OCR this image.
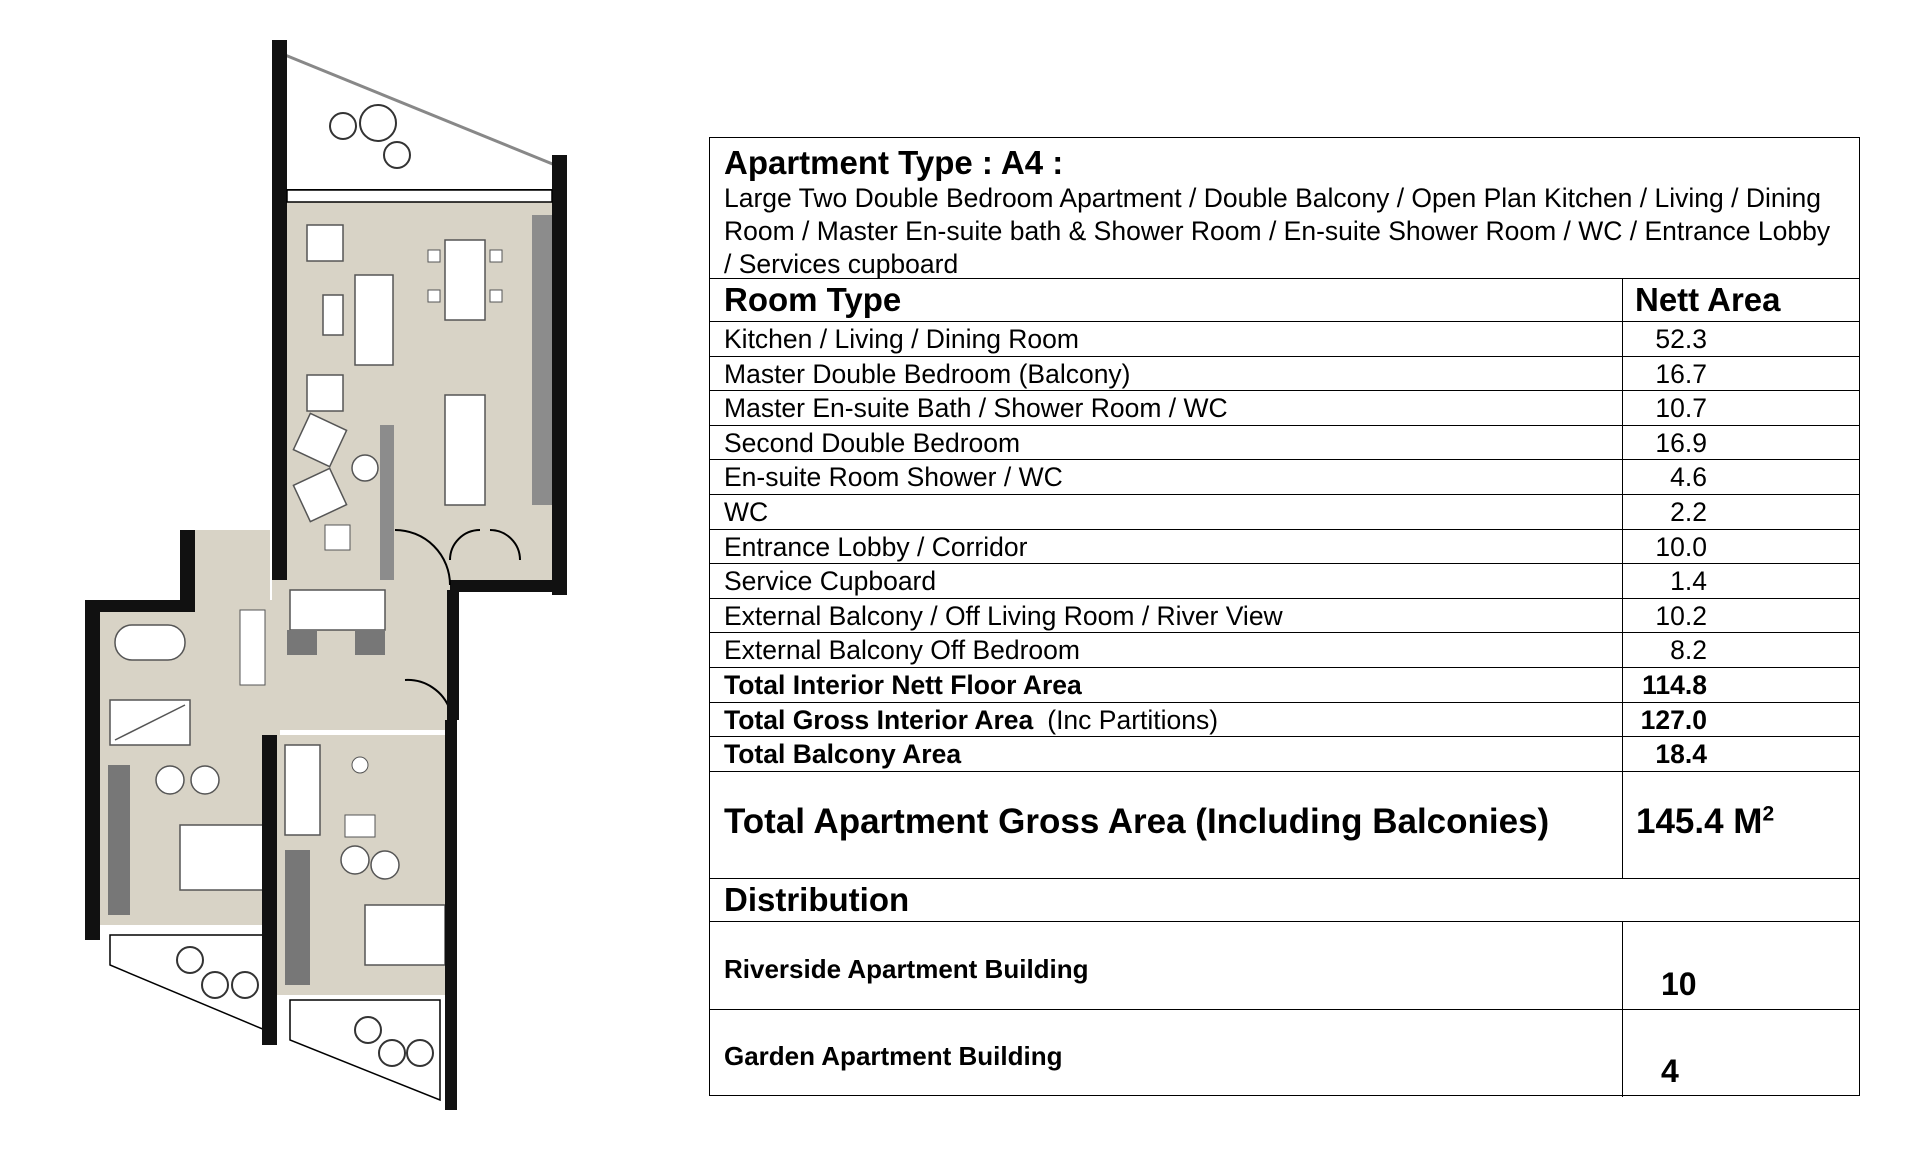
Apartment Type : A4 :
Large Two Double Bedroom Apartment / Double Balcony / Open Plan Kitchen / Living / Dining Room / Master En-suite bath & Shower Room / En-suite Shower Room / WC / Entrance Lobby / Services cupboard
Room Type	Nett Area
Kitchen / Living / Dining Room	52.3
Master Double Bedroom (Balcony)	16.7
Master En-suite Bath / Shower Room / WC	10.7
Second Double Bedroom	16.9
En-suite Room Shower / WC	4.6
WC	2.2
Entrance Lobby / Corridor	10.0
Service Cupboard	1.4
External Balcony / Off Living Room / River View	10.2
External Balcony Off Bedroom	8.2
Total Interior Nett Floor Area	114.8
Total Gross Interior Area (Inc Partitions)	127.0
Total Balcony Area	18.4
Total Apartment Gross Area (Including Balconies) 145.4 $M^2$
Distribution
Riverside Apartment Building	10
Garden Apartment Building	4
